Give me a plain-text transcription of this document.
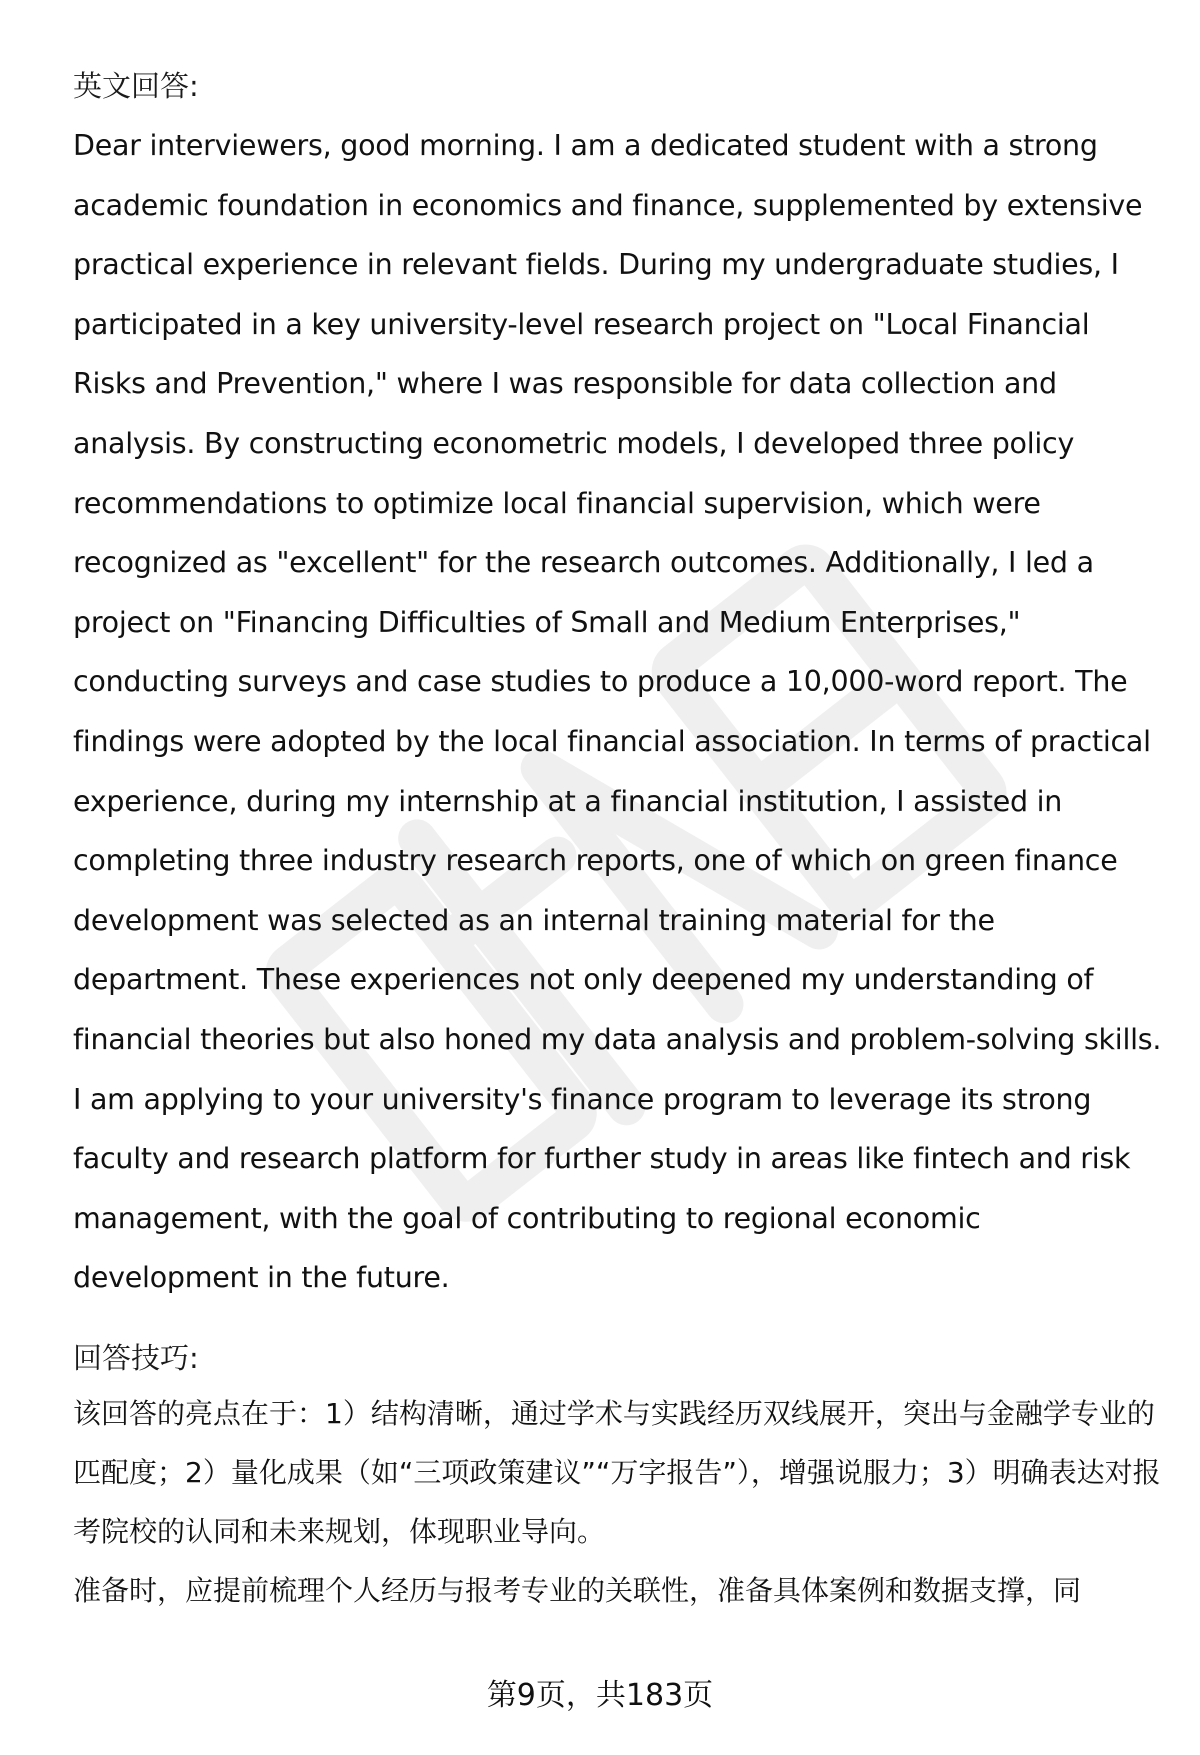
英文回答:

Dear interviewers, good morning. I am a dedicated student with a strong academic foundation in economics and finance, supplemented by extensive practical experience in relevant fields. During my undergraduate studies, I participated in a key university-level research project on "Local Financial Risks and Prevention," where I was responsible for data collection and analysis. By constructing econometric models, I developed three policy recommendations to optimize local financial supervision, which were recognized as "excellent" for the research outcomes. Additionally, I led a project on "Financing Difficulties of Small and Medium Enterprises," conducting surveys and case studies to produce a 10,000-word report. The findings were adopted by the local financial association. In terms of practical experience, during my internship at a financial institution, I assisted in completing three industry research reports, one of which on green finance development was selected as an internal training material for the department. These experiences not only deepened my understanding of financial theories but also honed my data analysis and problem-solving skills. I am applying to your university's finance program to leverage its strong faculty and research platform for further study in areas like fintech and risk management, with the goal of contributing to regional economic development in the future.

回答技巧:

该回答的亮点在于：1）结构清晰，通过学术与实践经历双线展开，突出与金融学专业的匹配度；2）量化成果（如“三项政策建议”“万字报告”），增强说服力；3）明确表达对报考院校的认同和未来规划，体现职业导向。

准备时，应提前梳理个人经历与报考专业的关联性，准备具体案例和数据支撑，同

第9页，共183页
